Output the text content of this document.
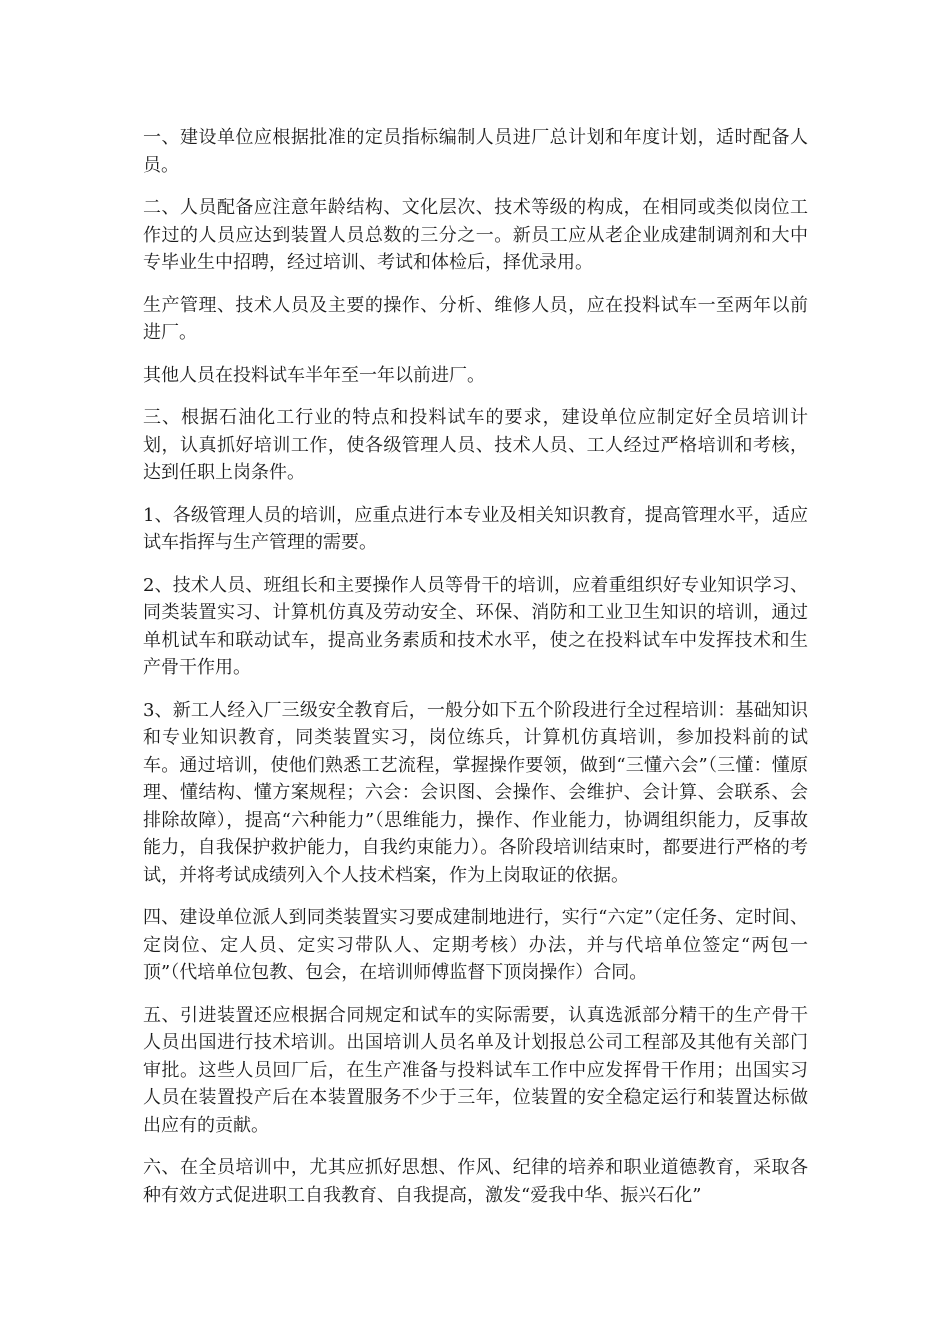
一、建设单位应根据批准的定员指标编制人员进厂总计划和年度计划，适时配备人员。

二、人员配备应注意年龄结构、文化层次、技术等级的构成，在相同或类似岗位工作过的人员应达到装置人员总数的三分之一。新员工应从老企业成建制调剂和大中专毕业生中招聘，经过培训、考试和体检后，择优录用。

生产管理、技术人员及主要的操作、分析、维修人员，应在投料试车一至两年以前进厂。

其他人员在投料试车半年至一年以前进厂。

三、根据石油化工行业的特点和投料试车的要求，建设单位应制定好全员培训计划，认真抓好培训工作，使各级管理人员、技术人员、工人经过严格培训和考核，达到任职上岗条件。

1、各级管理人员的培训，应重点进行本专业及相关知识教育，提高管理水平，适应试车指挥与生产管理的需要。

2、技术人员、班组长和主要操作人员等骨干的培训，应着重组织好专业知识学习、同类装置实习、计算机仿真及劳动安全、环保、消防和工业卫生知识的培训，通过单机试车和联动试车，提高业务素质和技术水平，使之在投料试车中发挥技术和生产骨干作用。

3、新工人经入厂三级安全教育后，一般分如下五个阶段进行全过程培训：基础知识和专业知识教育，同类装置实习，岗位练兵，计算机仿真培训，参加投料前的试车。通过培训，使他们熟悉工艺流程，掌握操作要领，做到“三懂六会”（三懂：懂原理、懂结构、懂方案规程；六会：会识图、会操作、会维护、会计算、会联系、会排除故障），提高“六种能力”（思维能力，操作、作业能力，协调组织能力，反事故能力，自我保护救护能力，自我约束能力）。各阶段培训结束时，都要进行严格的考试，并将考试成绩列入个人技术档案，作为上岗取证的依据。

四、建设单位派人到同类装置实习要成建制地进行，实行“六定”（定任务、定时间、定岗位、定人员、定实习带队人、定期考核）办法，并与代培单位签定“两包一顶”（代培单位包教、包会，在培训师傅监督下顶岗操作）合同。

五、引进装置还应根据合同规定和试车的实际需要，认真选派部分精干的生产骨干人员出国进行技术培训。出国培训人员名单及计划报总公司工程部及其他有关部门审批。这些人员回厂后，在生产准备与投料试车工作中应发挥骨干作用；出国实习人员在装置投产后在本装置服务不少于三年，位装置的安全稳定运行和装置达标做出应有的贡献。

六、在全员培训中，尤其应抓好思想、作风、纪律的培养和职业道德教育，采取各种有效方式促进职工自我教育、自我提高，激发“爱我中华、振兴石化”
